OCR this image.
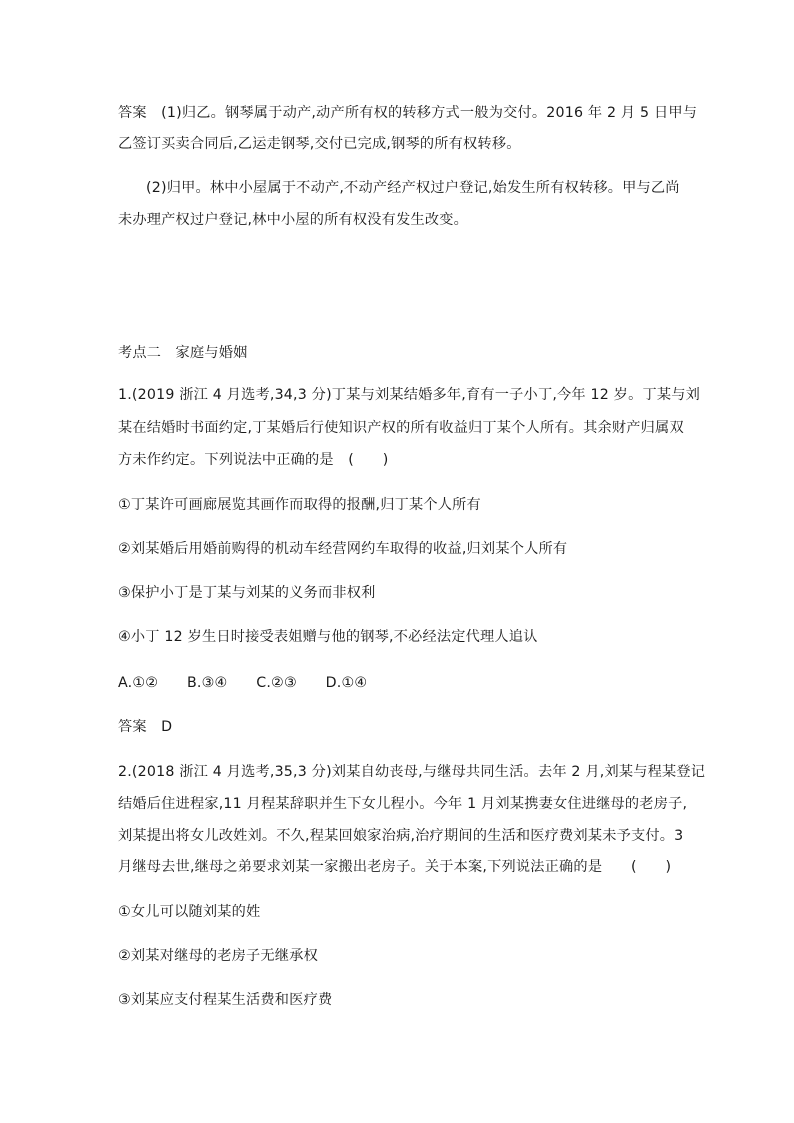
答案　(1)归乙。钢琴属于动产,动产所有权的转移方式一般为交付。2016 年 2 月 5 日甲与
乙签订买卖合同后,乙运走钢琴,交付已完成,钢琴的所有权转移。
(2)归甲。林中小屋属于不动产,不动产经产权过户登记,始发生所有权转移。甲与乙尚
未办理产权过户登记,林中小屋的所有权没有发生改变。
考点二　家庭与婚姻
1.(2019 浙江 4 月选考,34,3 分)丁某与刘某结婚多年,育有一子小丁,今年 12 岁。丁某与刘
某在结婚时书面约定,丁某婚后行使知识产权的所有收益归丁某个人所有。其余财产归属双
方未作约定。下列说法中正确的是　(　　)
①丁某许可画廊展览其画作而取得的报酬,归丁某个人所有
②刘某婚后用婚前购得的机动车经营网约车取得的收益,归刘某个人所有
③保护小丁是丁某与刘某的义务而非权利
④小丁 12 岁生日时接受表姐赠与他的钢琴,不必经法定代理人追认
A.①②　　B.③④　　C.②③　　D.①④
答案　D
2.(2018 浙江 4 月选考,35,3 分)刘某自幼丧母,与继母共同生活。去年 2 月,刘某与程某登记
结婚后住进程家,11 月程某辞职并生下女儿程小。今年 1 月刘某携妻女住进继母的老房子,
刘某提出将女儿改姓刘。不久,程某回娘家治病,治疗期间的生活和医疗费刘某未予支付。3
月继母去世,继母之弟要求刘某一家搬出老房子。关于本案,下列说法正确的是　　(　　)
①女儿可以随刘某的姓
②刘某对继母的老房子无继承权
③刘某应支付程某生活费和医疗费
